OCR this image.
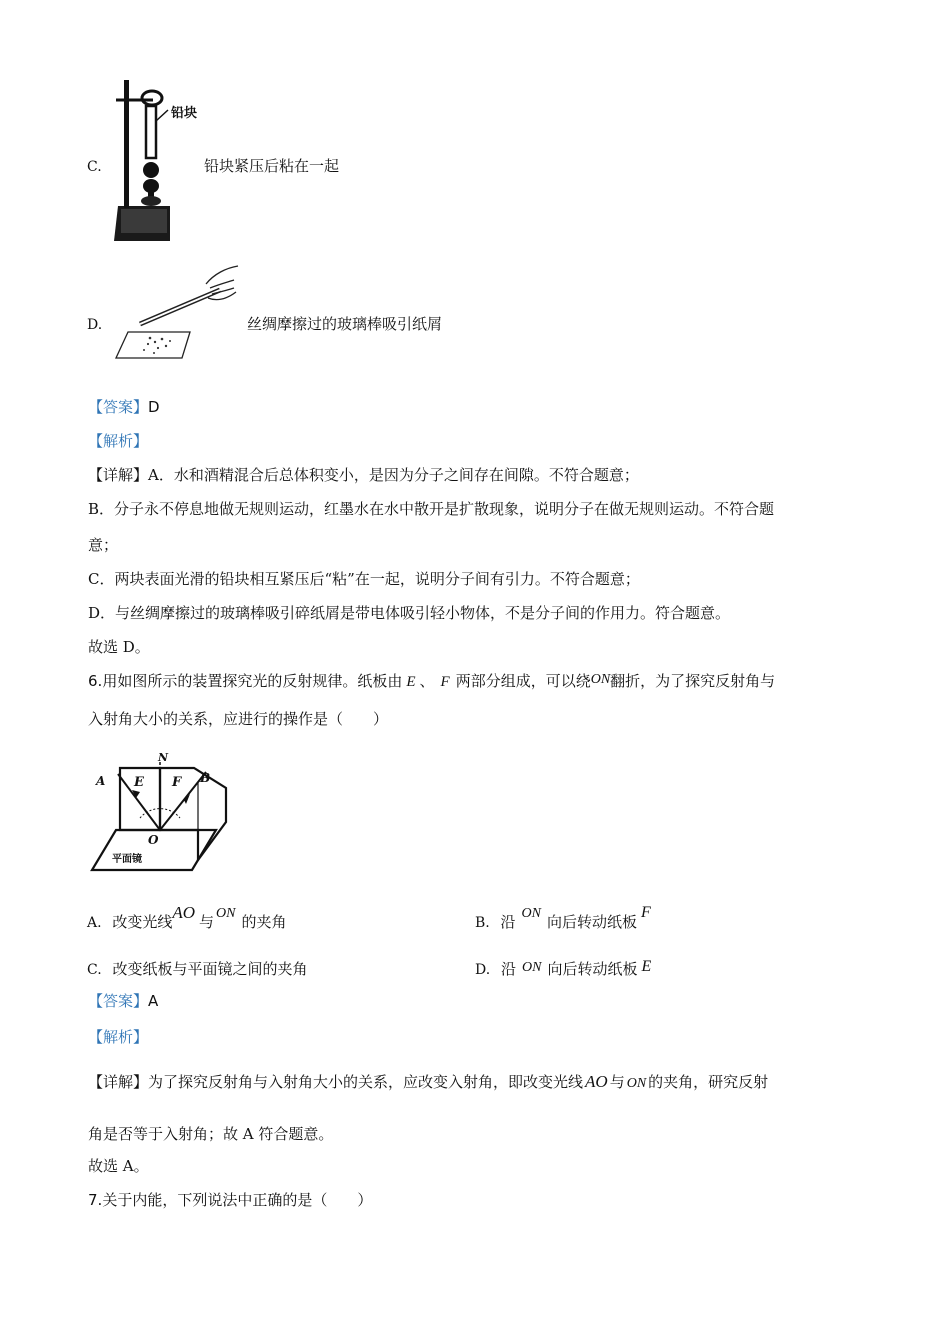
C.
铅块
铅块紧压后粘在一起
D.	丝绸摩擦过的玻璃棒吸引纸屑
【答案】D
【解析】
【详解】A．水和酒精混合后总体积变小，是因为分子之间存在间隙。不符合题意；
B．分子永不停息地做无规则运动，红墨水在水中散开是扩散现象，说明分子在做无规则运动。不符合题
意；
C．两块表面光滑的铅块相互紧压后“粘”在一起，说明分子间有引力。不符合题意；
D．与丝绸摩擦过的玻璃棒吸引碎纸屑是带电体吸引轻小物体，不是分子间的作用力。符合题意。
故选 D。
6.用如图所示的装置探究光的反射规律。纸板由 E 、 F 两部分组成，可以绕ON翻折，为了探究反射角与
入射角大小的关系，应进行的操作是（　　）
N
A E F B
O
平面镜
A. 改变光线AO 与 ON 的夹角	B. 沿 ON 向后转动纸板F
C. 改变纸板与平面镜之间的夹角	D. 沿 ON 向后转动纸板 E
【答案】A
【解析】
【详解】为了探究反射角与入射角大小的关系，应改变入射角，即改变光线 AO 与 ON 的夹角，研究反射
角是否等于入射角；故 A 符合题意。
故选 A。
7.关于内能，下列说法中正确的是（　　）
